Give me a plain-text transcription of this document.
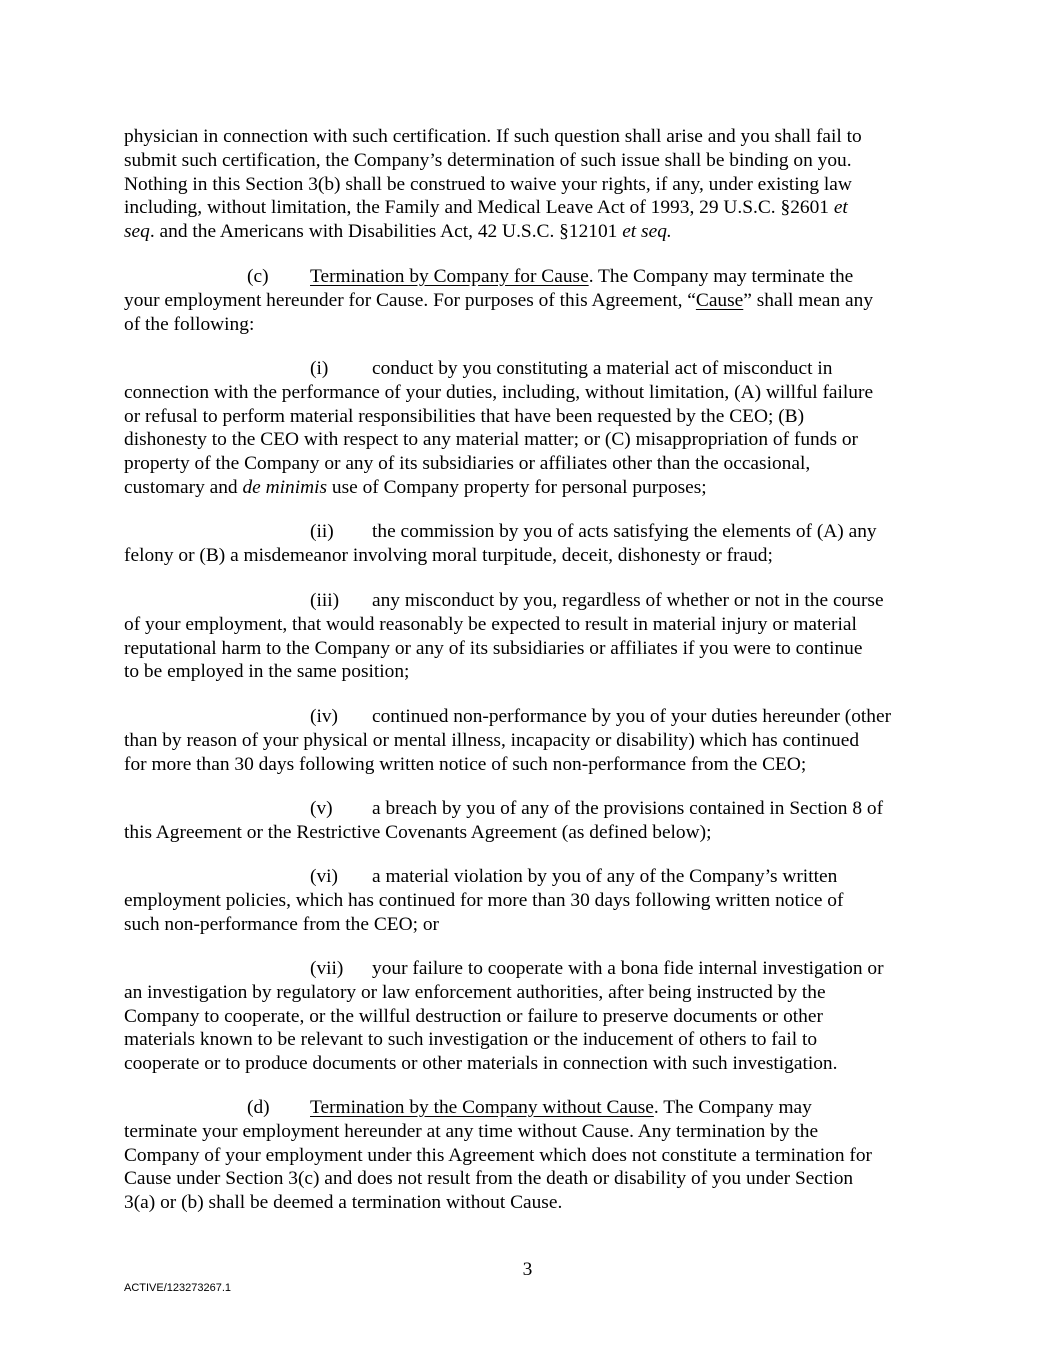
physician in connection with such certification. If such question shall arise and you shall fail to
submit such certification, the Company’s determination of such issue shall be binding on you.
Nothing in this Section 3(b) shall be construed to waive your rights, if any, under existing law
including, without limitation, the Family and Medical Leave Act of 1993, 29 U.S.C. §2601 et
seq. and the Americans with Disabilities Act, 42 U.S.C. §12101 et seq.
(c) Termination by Company for Cause. The Company may terminate the
your employment hereunder for Cause. For purposes of this Agreement, “Cause” shall mean any
of the following:
(i) conduct by you constituting a material act of misconduct in
connection with the performance of your duties, including, without limitation, (A) willful failure
or refusal to perform material responsibilities that have been requested by the CEO; (B)
dishonesty to the CEO with respect to any material matter; or (C) misappropriation of funds or
property of the Company or any of its subsidiaries or affiliates other than the occasional,
customary and de minimis use of Company property for personal purposes;
(ii) the commission by you of acts satisfying the elements of (A) any
felony or (B) a misdemeanor involving moral turpitude, deceit, dishonesty or fraud;
(iii) any misconduct by you, regardless of whether or not in the course
of your employment, that would reasonably be expected to result in material injury or material
reputational harm to the Company or any of its subsidiaries or affiliates if you were to continue
to be employed in the same position;
(iv) continued non-performance by you of your duties hereunder (other
than by reason of your physical or mental illness, incapacity or disability) which has continued
for more than 30 days following written notice of such non-performance from the CEO;
(v) a breach by you of any of the provisions contained in Section 8 of
this Agreement or the Restrictive Covenants Agreement (as defined below);
(vi) a material violation by you of any of the Company’s written
employment policies, which has continued for more than 30 days following written notice of
such non-performance from the CEO; or
(vii) your failure to cooperate with a bona fide internal investigation or
an investigation by regulatory or law enforcement authorities, after being instructed by the
Company to cooperate, or the willful destruction or failure to preserve documents or other
materials known to be relevant to such investigation or the inducement of others to fail to
cooperate or to produce documents or other materials in connection with such investigation.
(d) Termination by the Company without Cause. The Company may
terminate your employment hereunder at any time without Cause. Any termination by the
Company of your employment under this Agreement which does not constitute a termination for
Cause under Section 3(c) and does not result from the death or disability of you under Section
3(a) or (b) shall be deemed a termination without Cause.
3
ACTIVE/123273267.1
